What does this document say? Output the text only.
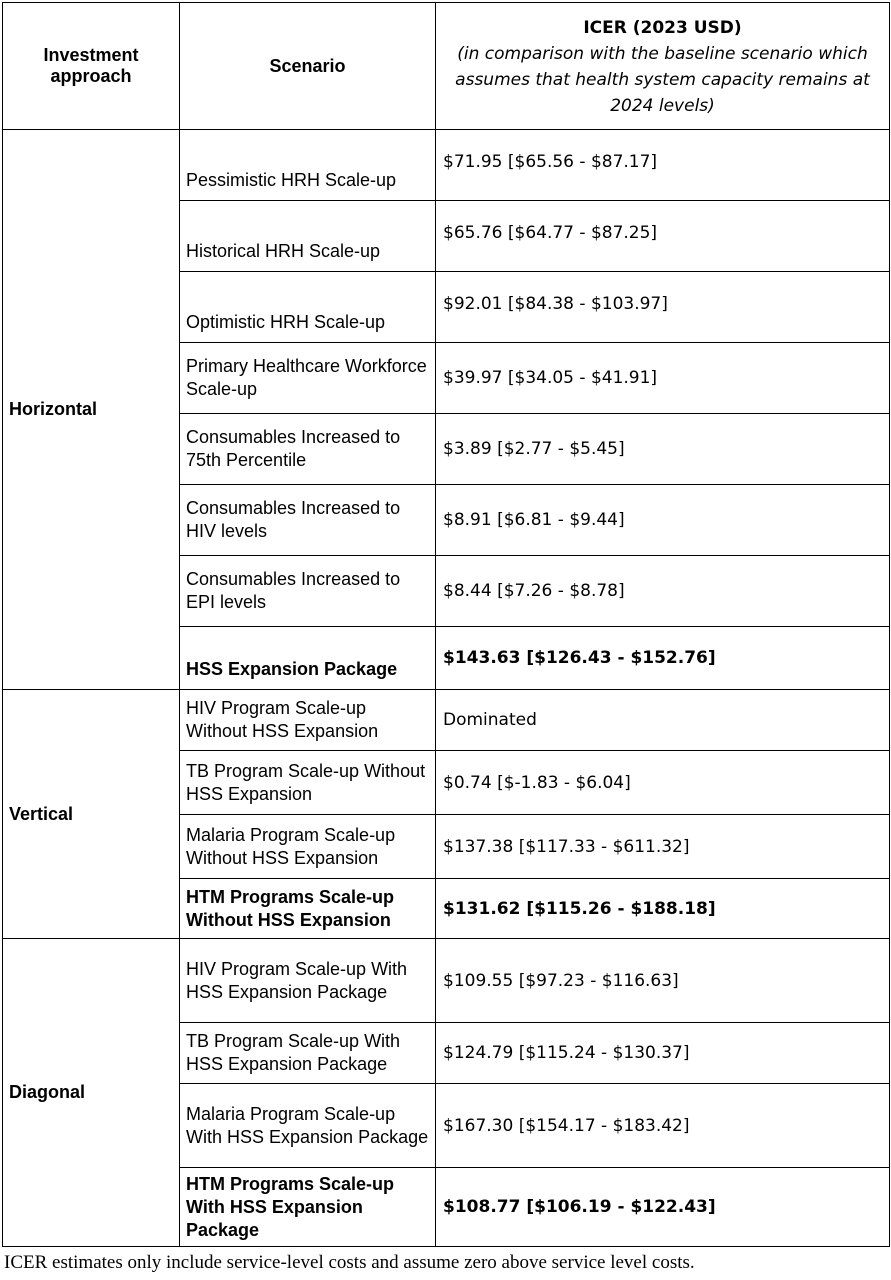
Investment approach	Scenario	ICER (2023 USD)
(in comparison with the baseline scenario which assumes that health system capacity remains at 2024 levels)

Horizontal	Pessimistic HRH Scale-up	$71.95 [$65.56 - $87.17]
	Historical HRH Scale-up	$65.76 [$64.77 - $87.25]
	Optimistic HRH Scale-up	$92.01 [$84.38 - $103.97]
	Primary Healthcare Workforce Scale-up	$39.97 [$34.05 - $41.91]
	Consumables Increased to 75th Percentile	$3.89 [$2.77 - $5.45]
	Consumables Increased to HIV levels	$8.91 [$6.81 - $9.44]
	Consumables Increased to EPI levels	$8.44 [$7.26 - $8.78]
	HSS Expansion Package	$143.63 [$126.43 - $152.76]
Vertical	HIV Program Scale-up Without HSS Expansion	Dominated
	TB Program Scale-up Without HSS Expansion	$0.74 [$-1.83 - $6.04]
	Malaria Program Scale-up Without HSS Expansion	$137.38 [$117.33 - $611.32]
	HTM Programs Scale-up Without HSS Expansion	$131.62 [$115.26 - $188.18]
Diagonal	HIV Program Scale-up With HSS Expansion Package	$109.55 [$97.23 - $116.63]
	TB Program Scale-up With HSS Expansion Package	$124.79 [$115.24 - $130.37]
	Malaria Program Scale-up With HSS Expansion Package	$167.30 [$154.17 - $183.42]
	HTM Programs Scale-up With HSS Expansion Package	$108.77 [$106.19 - $122.43]
ICER estimates only include service-level costs and assume zero above service level costs.
